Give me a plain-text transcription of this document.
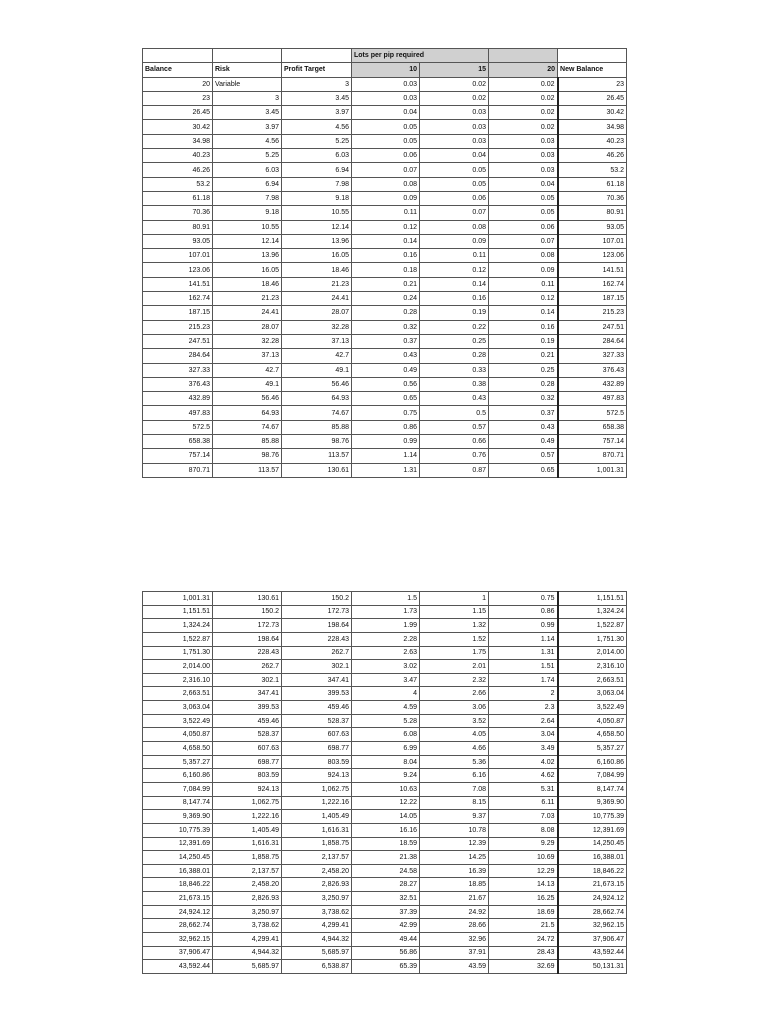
			Lots per pip required			
Balance	Risk	Profit Target	10	15	20	New Balance
20	Variable	3	0.03	0.02	0.02	23
23	3	3.45	0.03	0.02	0.02	26.45
26.45	3.45	3.97	0.04	0.03	0.02	30.42
30.42	3.97	4.56	0.05	0.03	0.02	34.98
34.98	4.56	5.25	0.05	0.03	0.03	40.23
40.23	5.25	6.03	0.06	0.04	0.03	46.26
46.26	6.03	6.94	0.07	0.05	0.03	53.2
53.2	6.94	7.98	0.08	0.05	0.04	61.18
61.18	7.98	9.18	0.09	0.06	0.05	70.36
70.36	9.18	10.55	0.11	0.07	0.05	80.91
80.91	10.55	12.14	0.12	0.08	0.06	93.05
93.05	12.14	13.96	0.14	0.09	0.07	107.01
107.01	13.96	16.05	0.16	0.11	0.08	123.06
123.06	16.05	18.46	0.18	0.12	0.09	141.51
141.51	18.46	21.23	0.21	0.14	0.11	162.74
162.74	21.23	24.41	0.24	0.16	0.12	187.15
187.15	24.41	28.07	0.28	0.19	0.14	215.23
215.23	28.07	32.28	0.32	0.22	0.16	247.51
247.51	32.28	37.13	0.37	0.25	0.19	284.64
284.64	37.13	42.7	0.43	0.28	0.21	327.33
327.33	42.7	49.1	0.49	0.33	0.25	376.43
376.43	49.1	56.46	0.56	0.38	0.28	432.89
432.89	56.46	64.93	0.65	0.43	0.32	497.83
497.83	64.93	74.67	0.75	0.5	0.37	572.5
572.5	74.67	85.88	0.86	0.57	0.43	658.38
658.38	85.88	98.76	0.99	0.66	0.49	757.14
757.14	98.76	113.57	1.14	0.76	0.57	870.71
870.71	113.57	130.61	1.31	0.87	0.65	1,001.31
1,001.31	130.61	150.2	1.5	1	0.75	1,151.51
1,151.51	150.2	172.73	1.73	1.15	0.86	1,324.24
1,324.24	172.73	198.64	1.99	1.32	0.99	1,522.87
1,522.87	198.64	228.43	2.28	1.52	1.14	1,751.30
1,751.30	228.43	262.7	2.63	1.75	1.31	2,014.00
2,014.00	262.7	302.1	3.02	2.01	1.51	2,316.10
2,316.10	302.1	347.41	3.47	2.32	1.74	2,663.51
2,663.51	347.41	399.53	4	2.66	2	3,063.04
3,063.04	399.53	459.46	4.59	3.06	2.3	3,522.49
3,522.49	459.46	528.37	5.28	3.52	2.64	4,050.87
4,050.87	528.37	607.63	6.08	4.05	3.04	4,658.50
4,658.50	607.63	698.77	6.99	4.66	3.49	5,357.27
5,357.27	698.77	803.59	8.04	5.36	4.02	6,160.86
6,160.86	803.59	924.13	9.24	6.16	4.62	7,084.99
7,084.99	924.13	1,062.75	10.63	7.08	5.31	8,147.74
8,147.74	1,062.75	1,222.16	12.22	8.15	6.11	9,369.90
9,369.90	1,222.16	1,405.49	14.05	9.37	7.03	10,775.39
10,775.39	1,405.49	1,616.31	16.16	10.78	8.08	12,391.69
12,391.69	1,616.31	1,858.75	18.59	12.39	9.29	14,250.45
14,250.45	1,858.75	2,137.57	21.38	14.25	10.69	16,388.01
16,388.01	2,137.57	2,458.20	24.58	16.39	12.29	18,846.22
18,846.22	2,458.20	2,826.93	28.27	18.85	14.13	21,673.15
21,673.15	2,826.93	3,250.97	32.51	21.67	16.25	24,924.12
24,924.12	3,250.97	3,738.62	37.39	24.92	18.69	28,662.74
28,662.74	3,738.62	4,299.41	42.99	28.66	21.5	32,962.15
32,962.15	4,299.41	4,944.32	49.44	32.96	24.72	37,906.47
37,906.47	4,944.32	5,685.97	56.86	37.91	28.43	43,592.44
43,592.44	5,685.97	6,538.87	65.39	43.59	32.69	50,131.31
